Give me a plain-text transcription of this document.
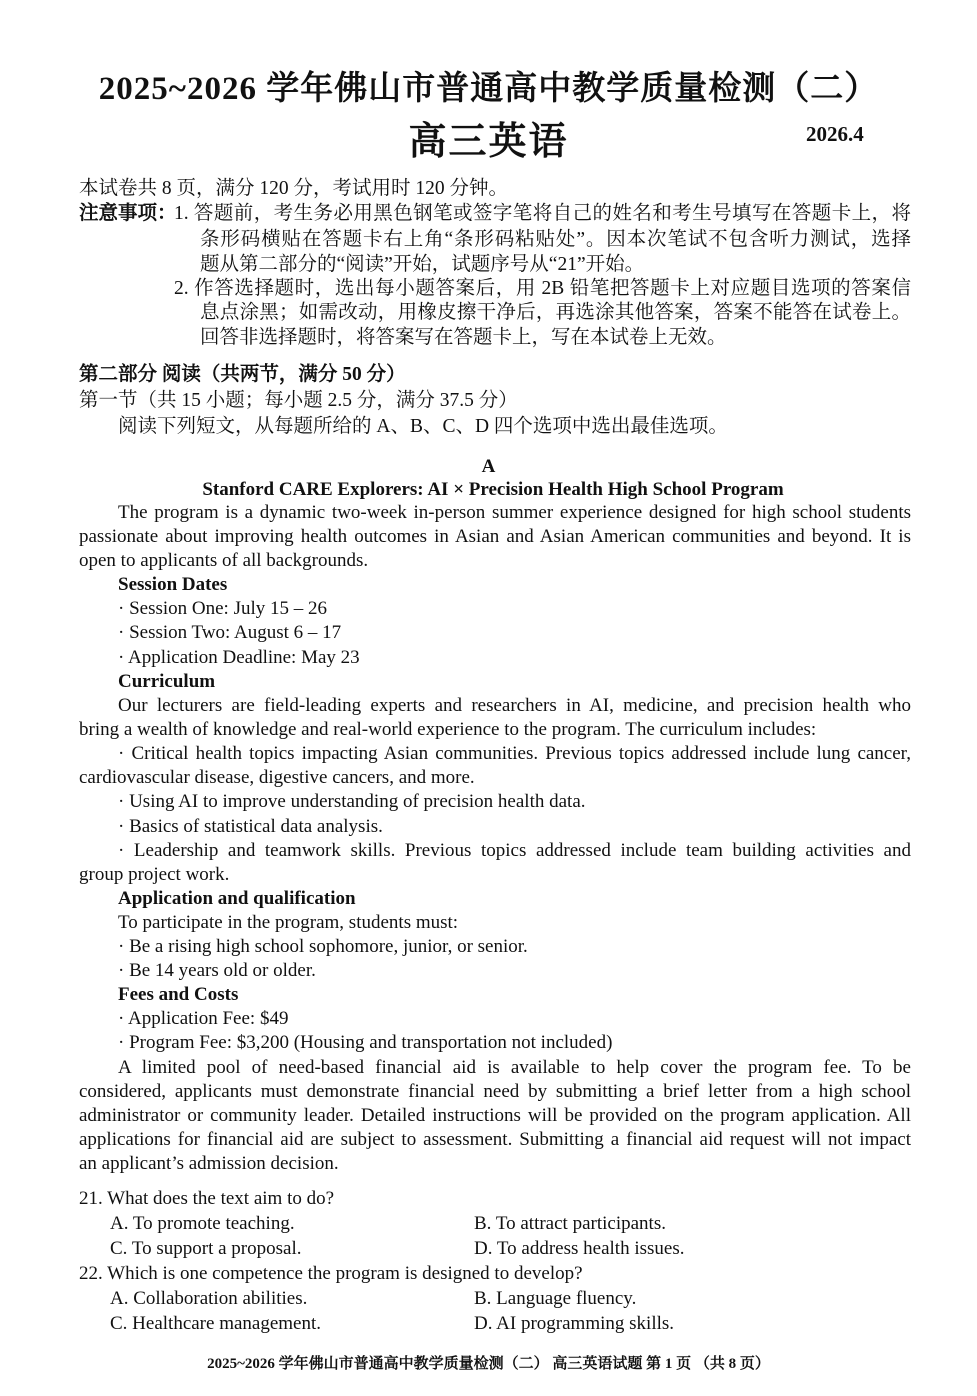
2025~2026 学年佛山市普通高中教学质量检测（二）
高三英语	2026.4
本试卷共 8 页，满分 120 分，考试用时 120 分钟。
注意事项：
1. 答题前，考生务必用黑色钢笔或签字笔将自己的姓名和考生号填写在答题卡上，将
条形码横贴在答题卡右上角“条形码粘贴处”。因本次笔试不包含听力测试，选择
题从第二部分的“阅读”开始，试题序号从“21”开始。
2. 作答选择题时，选出每小题答案后，用 2B 铅笔把答题卡上对应题目选项的答案信
息点涂黑；如需改动，用橡皮擦干净后，再选涂其他答案，答案不能答在试卷上。
回答非选择题时，将答案写在答题卡上，写在本试卷上无效。
第二部分 阅读（共两节，满分 50 分）
第一节（共 15 小题；每小题 2.5 分，满分 37.5 分）
阅读下列短文，从每题所给的 A、B、C、D 四个选项中选出最佳选项。
A
Stanford CARE Explorers: AI × Precision Health High School Program
The program is a dynamic two-week in-person summer experience designed for high school students
passionate about improving health outcomes in Asian and Asian American communities and beyond. It is
open to applicants of all backgrounds.
Session Dates
· Session One: July 15 – 26
· Session Two: August 6 – 17
· Application Deadline: May 23
Curriculum
Our lecturers are field-leading experts and researchers in AI, medicine, and precision health who
bring a wealth of knowledge and real-world experience to the program. The curriculum includes:
· Critical health topics impacting Asian communities. Previous topics addressed include lung cancer,
cardiovascular disease, digestive cancers, and more.
· Using AI to improve understanding of precision health data.
· Basics of statistical data analysis.
· Leadership and teamwork skills. Previous topics addressed include team building activities and
group project work.
Application and qualification
To participate in the program, students must:
· Be a rising high school sophomore, junior, or senior.
· Be 14 years old or older.
Fees and Costs
· Application Fee: $49
· Program Fee: $3,200 (Housing and transportation not included)
A limited pool of need-based financial aid is available to help cover the program fee. To be
considered, applicants must demonstrate financial need by submitting a brief letter from a high school
administrator or community leader. Detailed instructions will be provided on the program application. All
applications for financial aid are subject to assessment. Submitting a financial aid request will not impact
an applicant’s admission decision.
21. What does the text aim to do?
A. To promote teaching.	B. To attract participants.
C. To support a proposal.	D. To address health issues.
22. Which is one competence the program is designed to develop?
A. Collaboration abilities.	B. Language fluency.
C. Healthcare management.	D. AI programming skills.
2025~2026 学年佛山市普通高中教学质量检测（二） 高三英语试题 第 1 页 （共 8 页）
